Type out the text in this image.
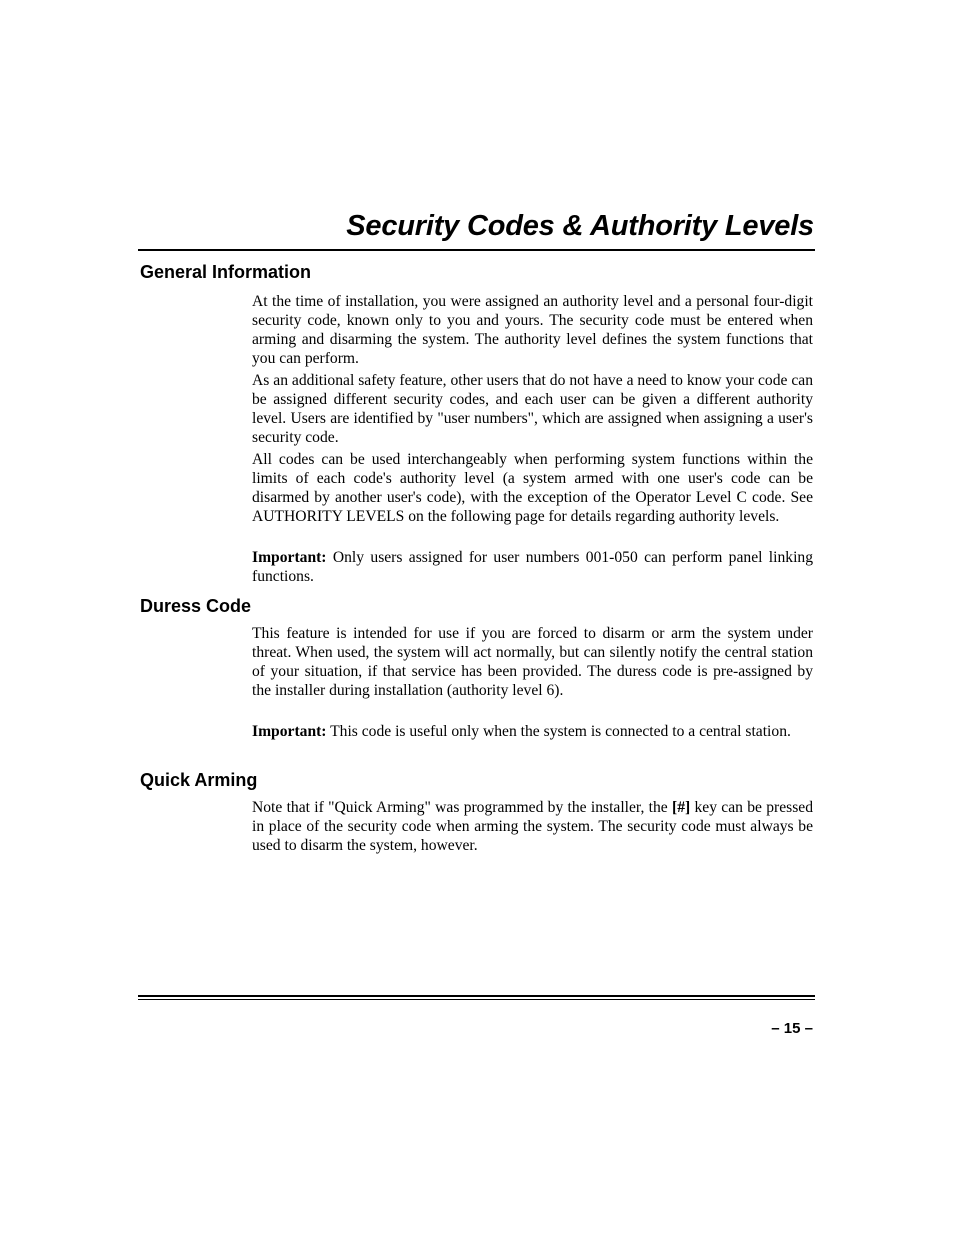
Security Codes & Authority Levels
General Information

At the time of installation, you were assigned an authority level and a personal four-digit security code, known only to you and yours. The security code must be entered when arming and disarming the system. The authority level defines the system functions that you can perform.

As an additional safety feature, other users that do not have a need to know your code can be assigned different security codes, and each user can be given a different authority level. Users are identified by "user numbers", which are assigned when assigning a user's security code.

All codes can be used interchangeably when performing system functions within the limits of each code's authority level (a system armed with one user's code can be disarmed by another user's code), with the exception of the Operator Level C code. See AUTHORITY LEVELS on the following page for details regarding authority levels.

Important: Only users assigned for user numbers 001-050 can perform panel linking functions.

Duress Code

This feature is intended for use if you are forced to disarm or arm the system under threat. When used, the system will act normally, but can silently notify the central station of your situation, if that service has been provided. The duress code is pre-assigned by the installer during installation (authority level 6).

Important: This code is useful only when the system is connected to a central station.

Quick Arming

Note that if "Quick Arming" was programmed by the installer, the [#] key can be pressed in place of the security code when arming the system. The security code must always be used to disarm the system, however.

– 15 –
